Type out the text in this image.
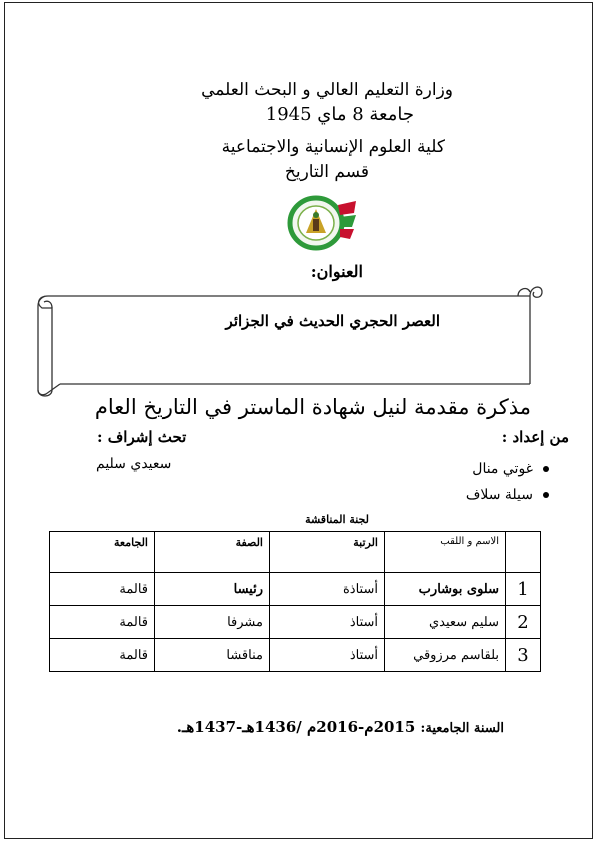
وزارة التعليم العالي و البحث العلمي
جامعة 8 ماي 1945
كلية العلوم الإنسانية والاجتماعية
قسم التاريخ
العنوان:
العصر الحجري الحديث في الجزائر
مذكرة مقدمة لنيل شهادة الماستر في التاريخ العام
من إعداد :
غوتي منال
سيلة سلاف
تحث إشراف :
سعيدي سليم
لجنة المناقشة
	الاسم و اللقب	الرتبة	الصفة	الجامعة
1	سلوى بوشارب	أستاذة	رئيسا	قالمة
2	سليم سعيدي	أستاذ	مشرفا	قالمة
3	بلقاسم مرزوقي	أستاذ	مناقشا	قالمة
السنة الجامعية: 2015م-2016م /1436هـ-1437هـ.
